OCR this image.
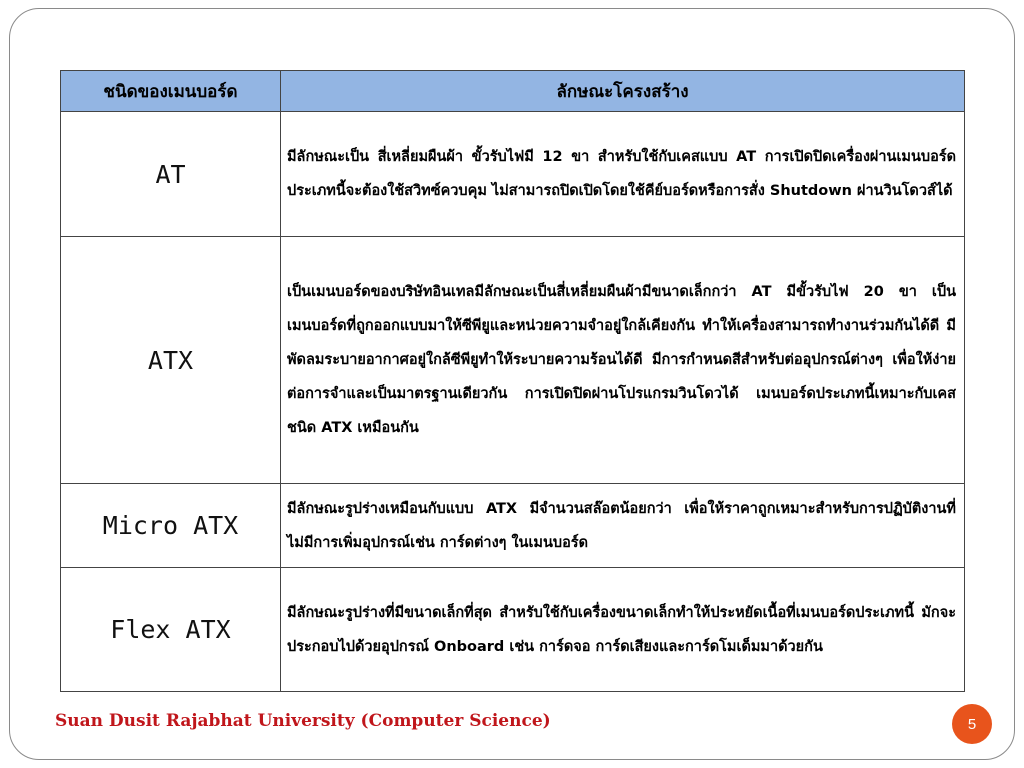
ชนิดของเมนบอร์ด	ลักษณะโครงสร้าง
AT	มีลักษณะเป็น สี่เหลี่ยมผืนผ้า ขั้วรับไฟมี 12 ขา สำหรับใช้กับเคสแบบ AT การเปิดปิดเครื่องผ่านเมนบอร์ดประเภทนี้จะต้องใช้สวิทซ์ควบคุม ไม่สามารถปิดเปิดโดยใช้คีย์บอร์ดหรือการสั่ง Shutdown ผ่านวินโดวส์ได้
ATX	เป็นเมนบอร์ดของบริษัทอินเทลมีลักษณะเป็นสี่เหลี่ยมผืนผ้ามีขนาดเล็กกว่า AT มีขั้วรับไฟ 20 ขา เป็นเมนบอร์ดที่ถูกออกแบบมาให้ซีพียูและหน่วยความจำอยู่ใกล้เคียงกัน ทำให้เครื่องสามารถทำงานร่วมกันได้ดี มีพัดลมระบายอากาศอยู่ใกล้ซีพียูทำให้ระบายความร้อนได้ดี มีการกำหนดสีสำหรับต่ออุปกรณ์ต่างๆ เพื่อให้ง่ายต่อการจำและเป็นมาตรฐานเดียวกัน การเปิดปิดผ่านโปรแกรมวินโดวได้ เมนบอร์ดประเภทนี้เหมาะกับเคสชนิด ATX เหมือนกัน
Micro ATX	มีลักษณะรูปร่างเหมือนกับแบบ ATX มีจำนวนสล๊อตน้อยกว่า เพื่อให้ราคาถูกเหมาะสำหรับการปฏิบัติงานที่ไม่มีการเพิ่มอุปกรณ์เช่น การ์ดต่างๆ ในเมนบอร์ด
Flex ATX	มีลักษณะรูปร่างที่มีขนาดเล็กที่สุด สำหรับใช้กับเครื่องขนาดเล็กทำให้ประหยัดเนื้อที่เมนบอร์ดประเภทนี้ มักจะประกอบไปด้วยอุปกรณ์ Onboard เช่น การ์ดจอ การ์ดเสียงและการ์ดโมเด็มมาด้วยกัน
Suan Dusit Rajabhat University (Computer Science)	5
